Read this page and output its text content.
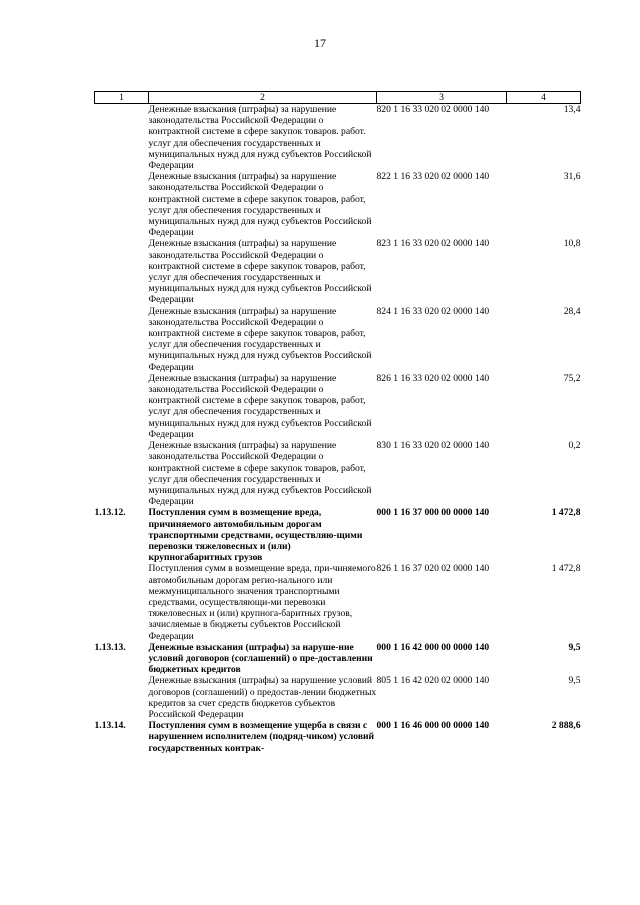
17
1	2	3	4
	Денежные взыскания (штрафы) за нарушение законодательства Российской Федерации о контрактной системе в сфере закупок товаров. работ. услуг для обеспечения государственных и муниципальных нужд для нужд субъектов Российской Федерации	820 1 16 33 020 02 0000 140	13,4
	Денежные взыскания (штрафы) за нарушение законодательства Российской Федерации о контрактной системе в сфере закупок товаров, работ, услуг для обеспечения государственных и муниципальных нужд для нужд субъектов Российской Федерации	822 1 16 33 020 02 0000 140	31,6
	Денежные взыскания (штрафы) за нарушение законодательства Российской Федерации о контрактной системе в сфере закупок товаров, работ, услуг для обеспечения государственных и муниципальных нужд для нужд субъектов Российской Федерации	823 1 16 33 020 02 0000 140	10,8
	Денежные взыскания (штрафы) за нарушение законодательства Российской Федерации о контрактной системе в сфере закупок товаров, работ, услуг для обеспечения государственных и муниципальных нужд для нужд субъектов Российской Федерации	824 1 16 33 020 02 0000 140	28,4
	Денежные взыскания (штрафы) за нарушение законодательства Российской Федерации о контрактной системе в сфере закупок товаров, работ, услуг для обеспечения государственных и муниципальных нужд для нужд субъектов Российской Федерации	826 1 16 33 020 02 0000 140	75,2
	Денежные взыскания (штрафы) за нарушение законодательства Российской Федерации о контрактной системе в сфере закупок товаров, работ, услуг для обеспечения государственных и муниципальных нужд для нужд субъектов Российской Федерации	830 1 16 33 020 02 0000 140	0,2
1.13.12.	Поступления сумм в возмещение вреда, причиняемого автомобильным дорогам транспортными средствами, осуществляю-щими перевозки тяжеловесных и (или) крупногабаритных грузов	000 1 16 37 000 00 0000 140	1 472,8
	Поступления сумм в возмещение вреда, при-чиняемого автомобильным дорогам регио-нального или межмуниципального значения транспортными средствами, осуществляющи-ми перевозки тяжеловесных и (или) крупнога-баритных грузов, зачисляемые в бюджеты субъектов Российской Федерации	826 1 16 37 020 02 0000 140	1 472,8
1.13.13.	Денежные взыскания (штрафы) за наруше-ние условий договоров (соглашений) о пре-доставлении бюджетных кредитов	000 1 16 42 000 00 0000 140	9,5
	Денежные взыскания (штрафы) за нарушение условий договоров (соглашений) о предостав-лении бюджетных кредитов за счет средств бюджетов субъектов Российской Федерации	805 1 16 42 020 02 0000 140	9,5
1.13.14.	Поступления сумм в возмещение ущерба в связи с нарушением исполнителем (подряд-чиком) условий государственных контрак-	000 1 16 46 000 00 0000 140	2 888,6
